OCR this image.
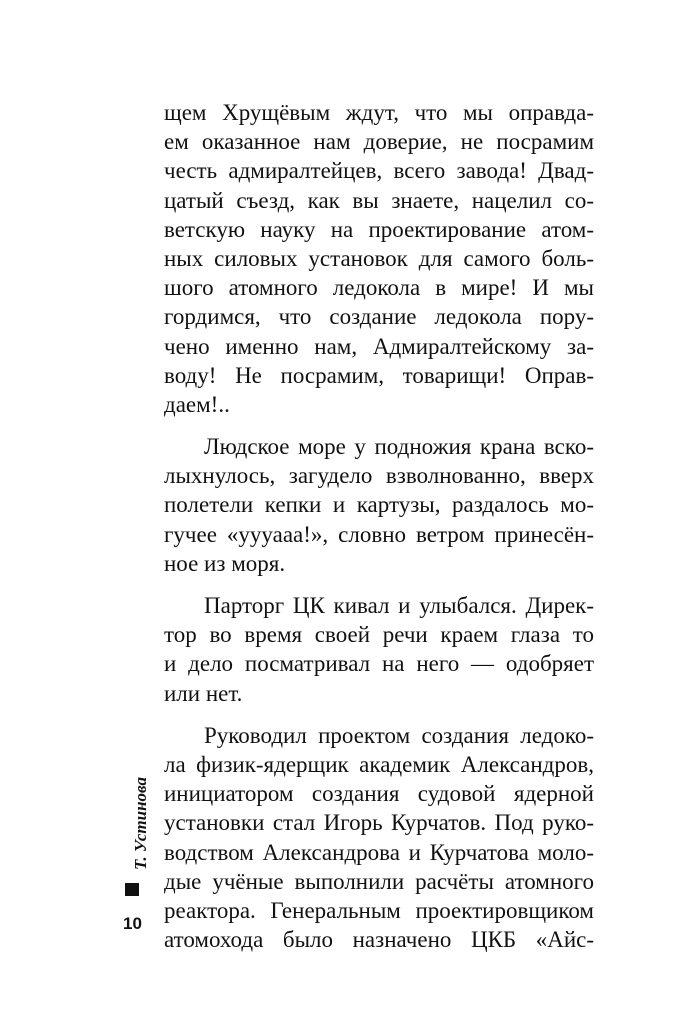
щем Хрущёвым ждут, что мы оправда-
ем оказанное нам доверие, не посрамим
честь адмиралтейцев, всего завода! Двад-
цатый съезд, как вы знаете, нацелил со-
ветскую науку на проектирование атом-
ных силовых установок для самого боль-
шого атомного ледокола в мире! И мы
гордимся, что создание ледокола пору-
чено именно нам, Адмиралтейскому за-
воду! Не посрамим, товарищи! Оправ-
даем!..
Людское море у подножия крана вско-
лыхнулось, загудело взволнованно, вверх
полетели кепки и картузы, раздалось мо-
гучее «уууааа!», словно ветром принесён-
ное из моря.
Парторг ЦК кивал и улыбался. Дирек-
тор во время своей речи краем глаза то
и дело посматривал на него — одобряет
или нет.
Руководил проектом создания ледоко-
ла физик-ядерщик академик Александров,
инициатором создания судовой ядерной
установки стал Игорь Курчатов. Под руко-
водством Александрова и Курчатова моло-
дые учёные выполнили расчёты атомного
реактора. Генеральным проектировщиком
атомохода было назначено ЦКБ «Айс-
Т. Устинова
10
